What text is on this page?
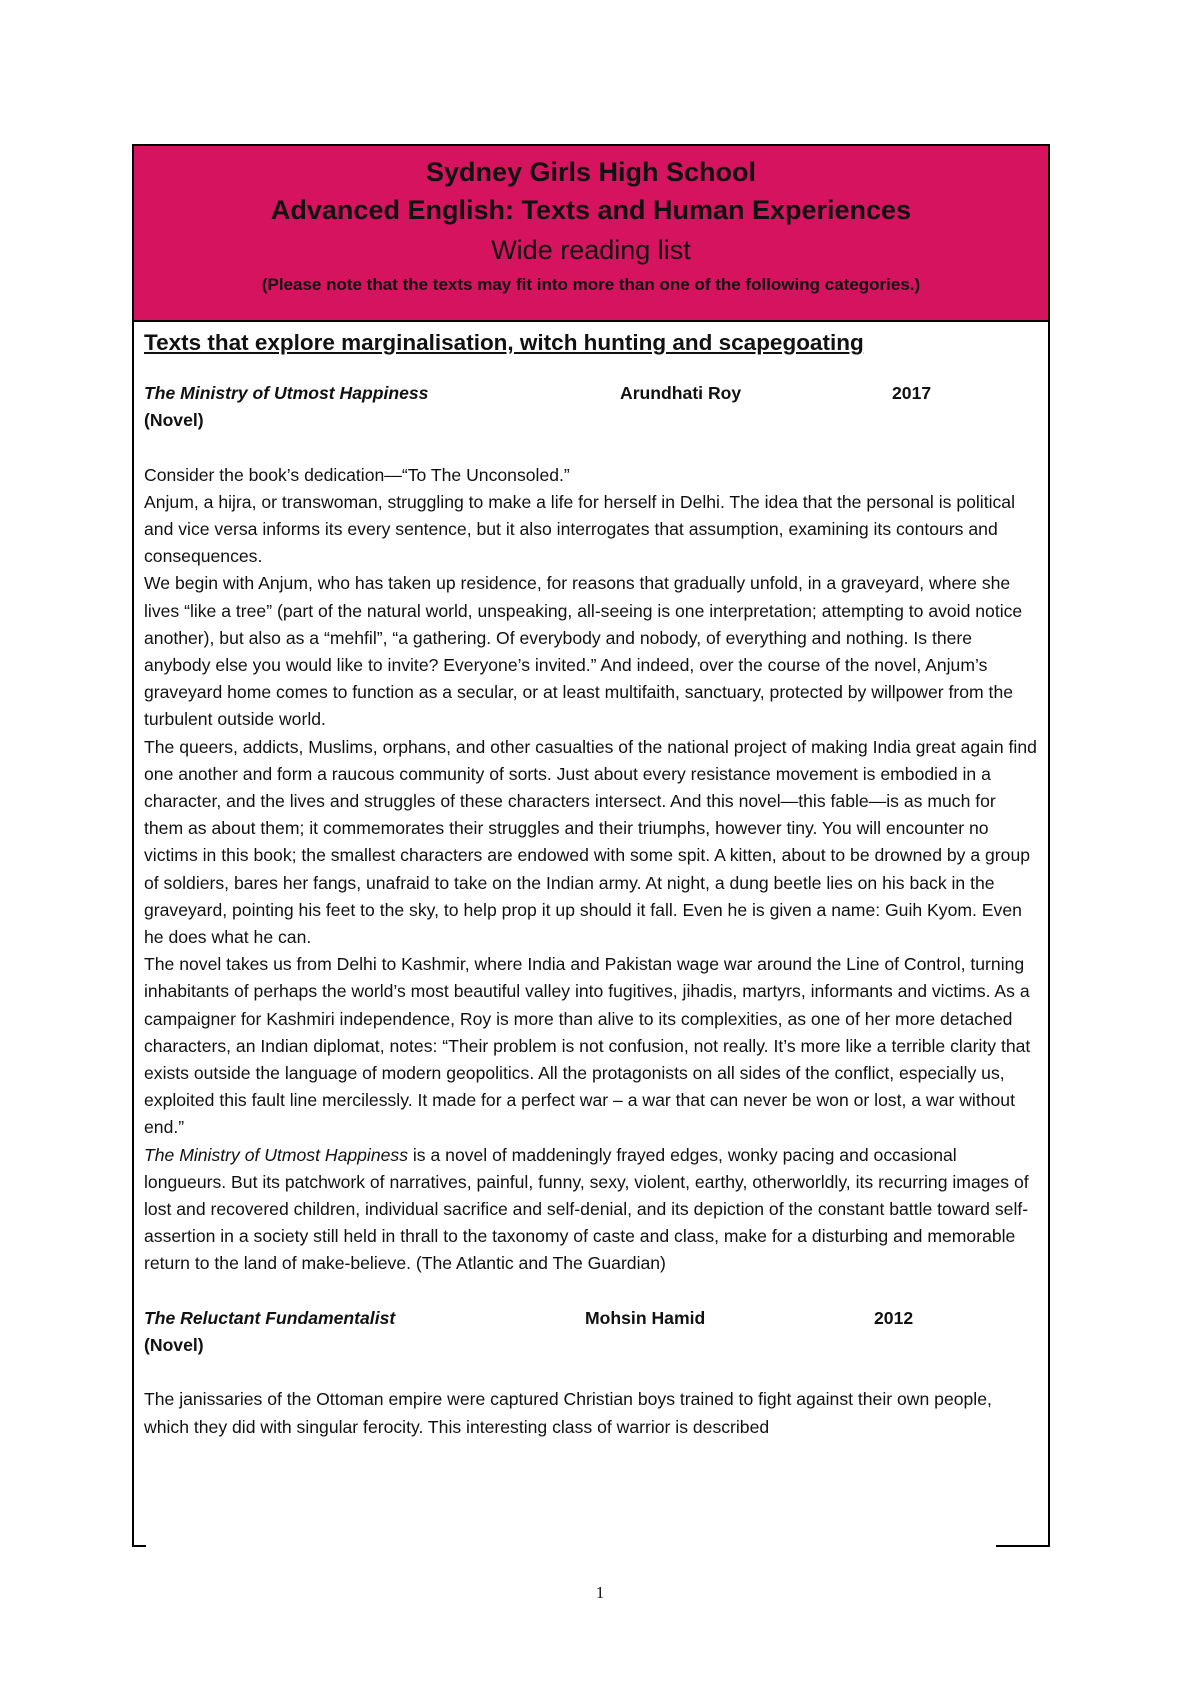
Sydney Girls High School
Advanced English: Texts and Human Experiences
Wide reading list
(Please note that the texts may fit into more than one of the following categories.)
Texts that explore marginalisation, witch hunting and scapegoating
The Ministry of Utmost Happiness	Arundhati Roy	2017
(Novel)

Consider the book’s dedication—“To The Unconsoled.”

Anjum, a hijra, or transwoman, struggling to make a life for herself in Delhi. The idea that the personal is political and vice versa informs its every sentence, but it also interrogates that assumption, examining its contours and consequences.

We begin with Anjum, who has taken up residence, for reasons that gradually unfold, in a graveyard, where she lives “like a tree” (part of the natural world, unspeaking, all-seeing is one interpretation; attempting to avoid notice another), but also as a “mehfil”, “a gathering. Of everybody and nobody, of everything and nothing. Is there anybody else you would like to invite? Everyone’s invited.” And indeed, over the course of the novel, Anjum’s graveyard home comes to function as a secular, or at least multifaith, sanctuary, protected by willpower from the turbulent outside world.

The queers, addicts, Muslims, orphans, and other casualties of the national project of making India great again find one another and form a raucous community of sorts. Just about every resistance movement is embodied in a character, and the lives and struggles of these characters intersect. And this novel—this fable—is as much for them as about them; it commemorates their struggles and their triumphs, however tiny. You will encounter no victims in this book; the smallest characters are endowed with some spit. A kitten, about to be drowned by a group of soldiers, bares her fangs, unafraid to take on the Indian army. At night, a dung beetle lies on his back in the graveyard, pointing his feet to the sky, to help prop it up should it fall. Even he is given a name: Guih Kyom. Even he does what he can.

The novel takes us from Delhi to Kashmir, where India and Pakistan wage war around the Line of Control, turning inhabitants of perhaps the world’s most beautiful valley into fugitives, jihadis, martyrs, informants and victims. As a campaigner for Kashmiri independence, Roy is more than alive to its complexities, as one of her more detached characters, an Indian diplomat, notes: “Their problem is not confusion, not really. It’s more like a terrible clarity that exists outside the language of modern geopolitics. All the protagonists on all sides of the conflict, especially us, exploited this fault line mercilessly. It made for a perfect war – a war that can never be won or lost, a war without end.”

The Ministry of Utmost Happiness is a novel of maddeningly frayed edges, wonky pacing and occasional longueurs. But its patchwork of narratives, painful, funny, sexy, violent, earthy, otherworldly, its recurring images of lost and recovered children, individual sacrifice and self-denial, and its depiction of the constant battle toward self-assertion in a society still held in thrall to the taxonomy of caste and class, make for a disturbing and memorable return to the land of make-believe. (The Atlantic and The Guardian)

The Reluctant Fundamentalist	Mohsin Hamid	2012
(Novel)

The janissaries of the Ottoman empire were captured Christian boys trained to fight against their own people, which they did with singular ferocity. This interesting class of warrior is described

1
